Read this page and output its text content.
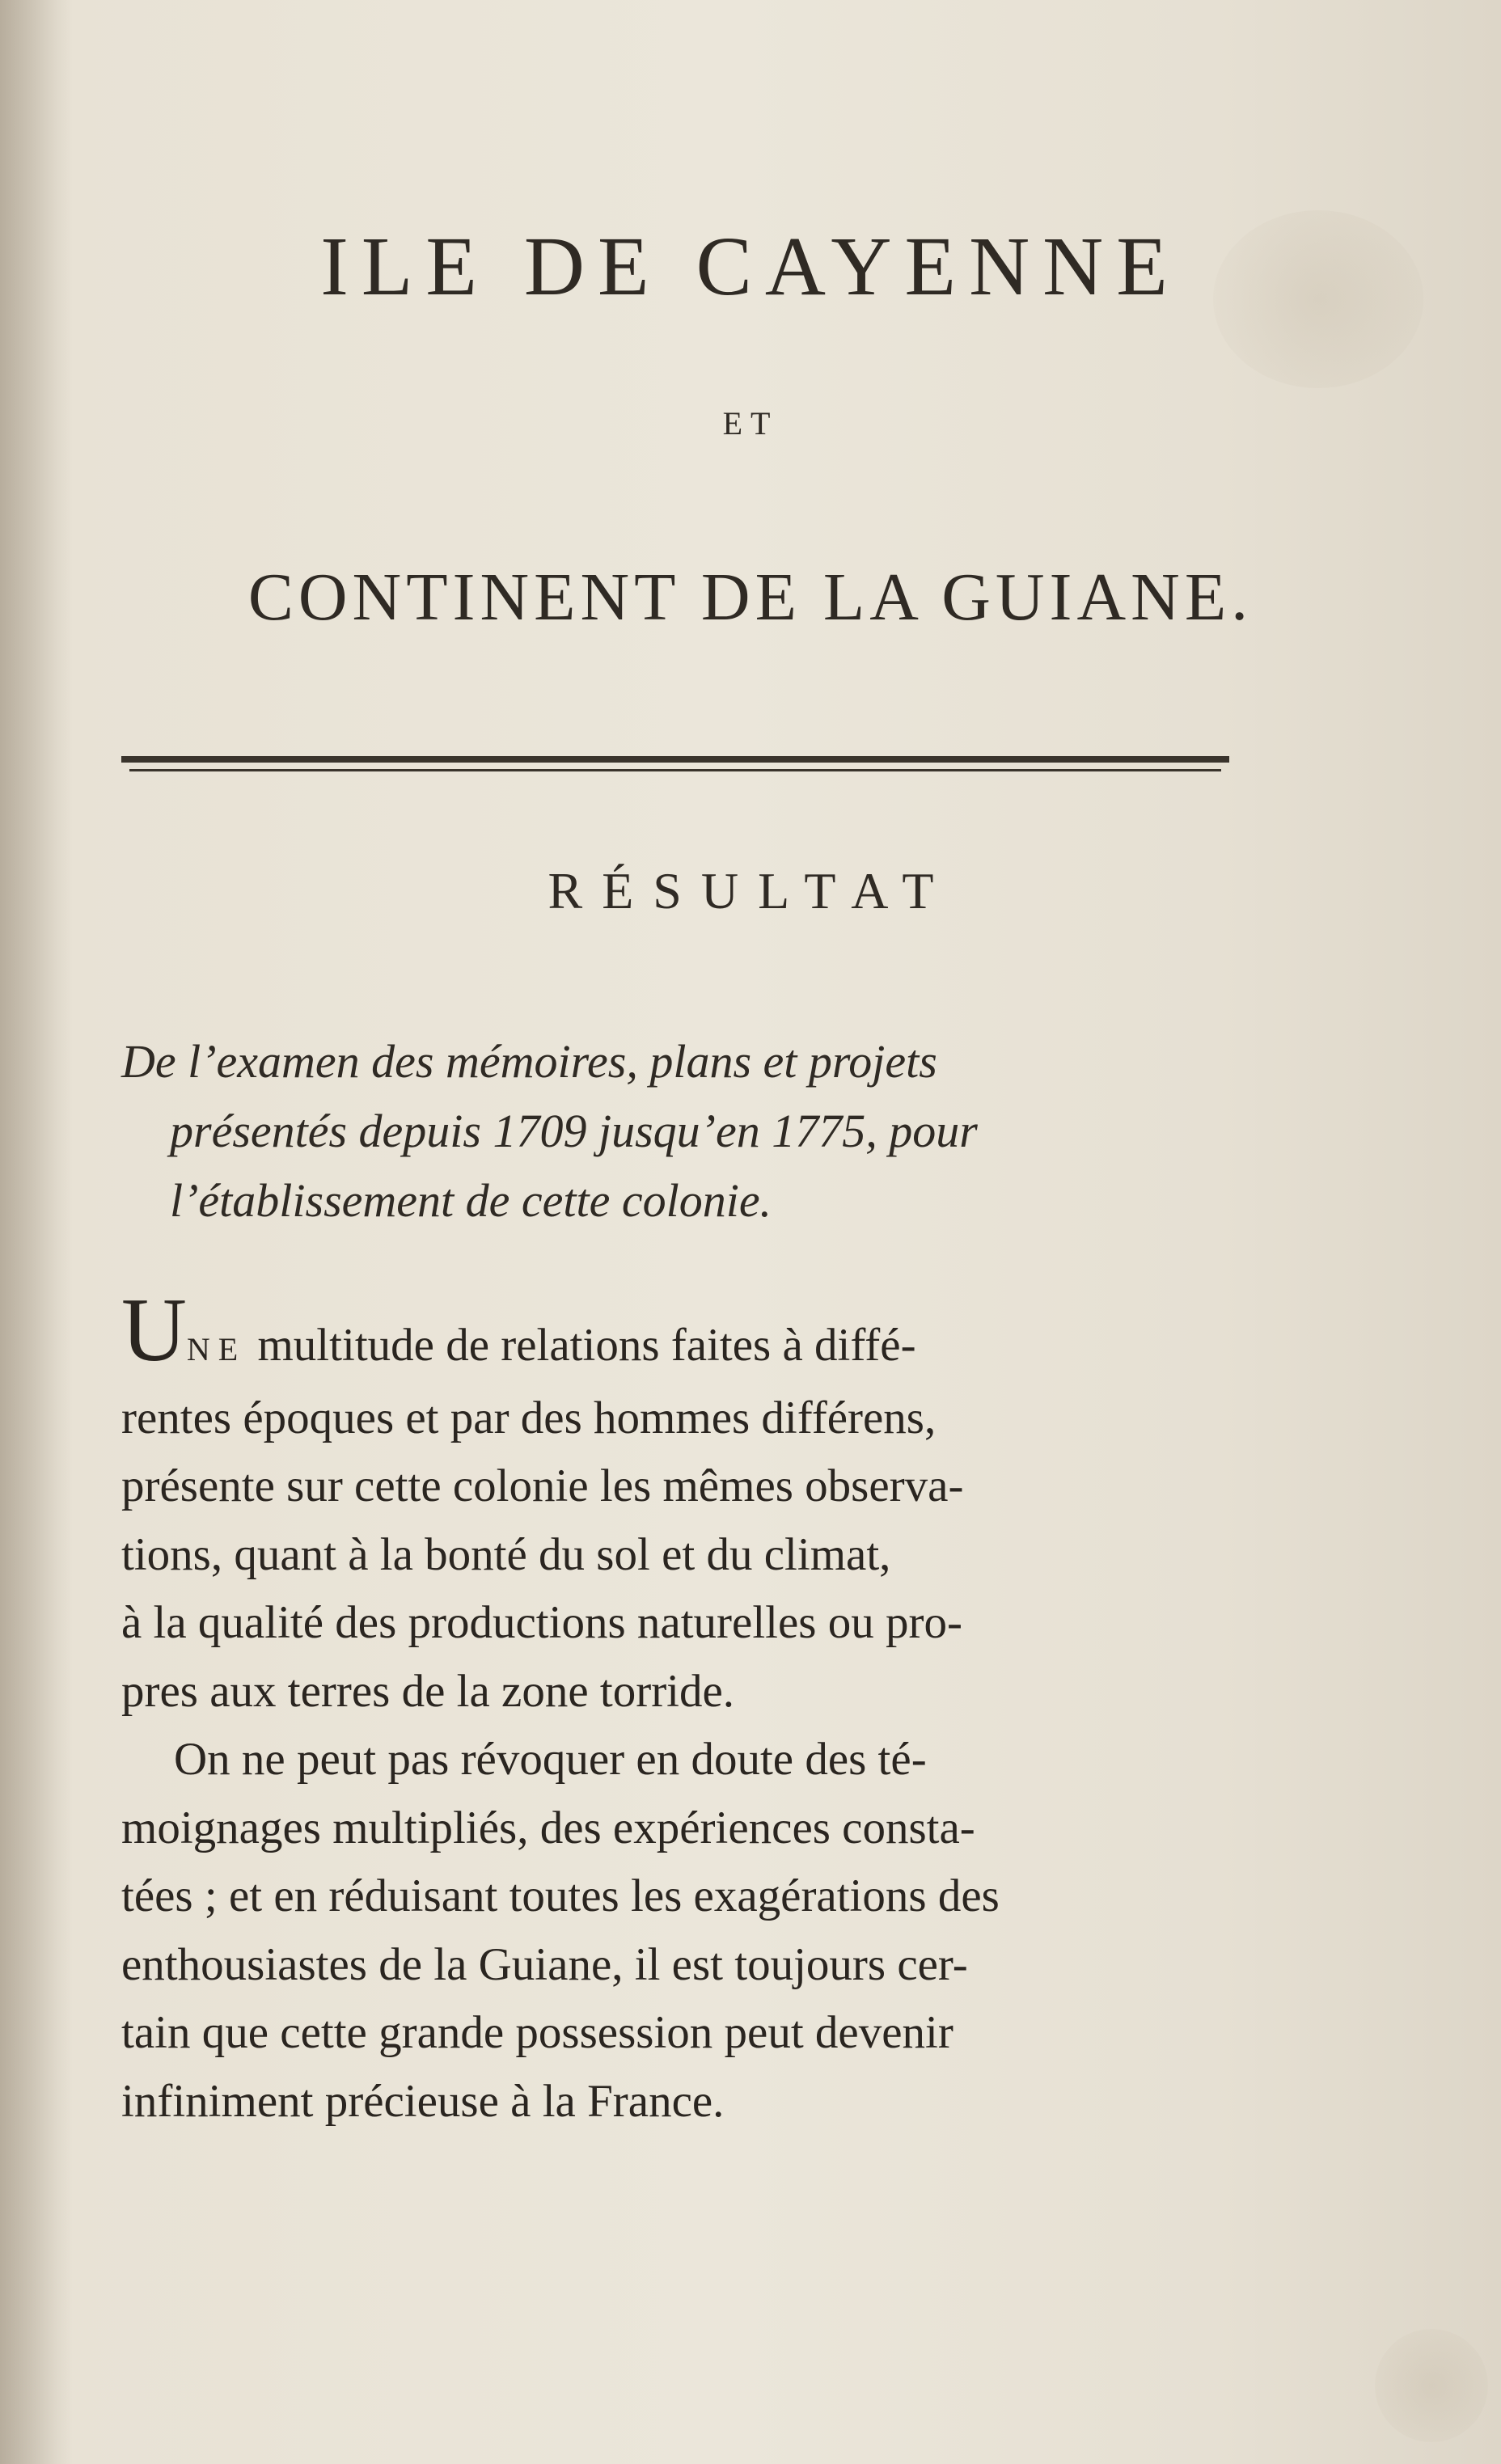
ILE DE CAYENNE
ET
CONTINENT DE LA GUIANE.
RÉSULTAT
De l’examen des mémoires, plans et projets
présentés depuis 1709 jusqu’en 1775, pour
l’établissement de cette colonie.
UNE multitude de relations faites à diffé-
rentes époques et par des hommes différens,
présente sur cette colonie les mêmes observa-
tions, quant à la bonté du sol et du climat,
à la qualité des productions naturelles ou pro-
pres aux terres de la zone torride.
On ne peut pas révoquer en doute des té-
moignages multipliés, des expériences consta-
tées ; et en réduisant toutes les exagérations des
enthousiastes de la Guiane, il est toujours cer-
tain que cette grande possession peut devenir
infiniment précieuse à la France.
